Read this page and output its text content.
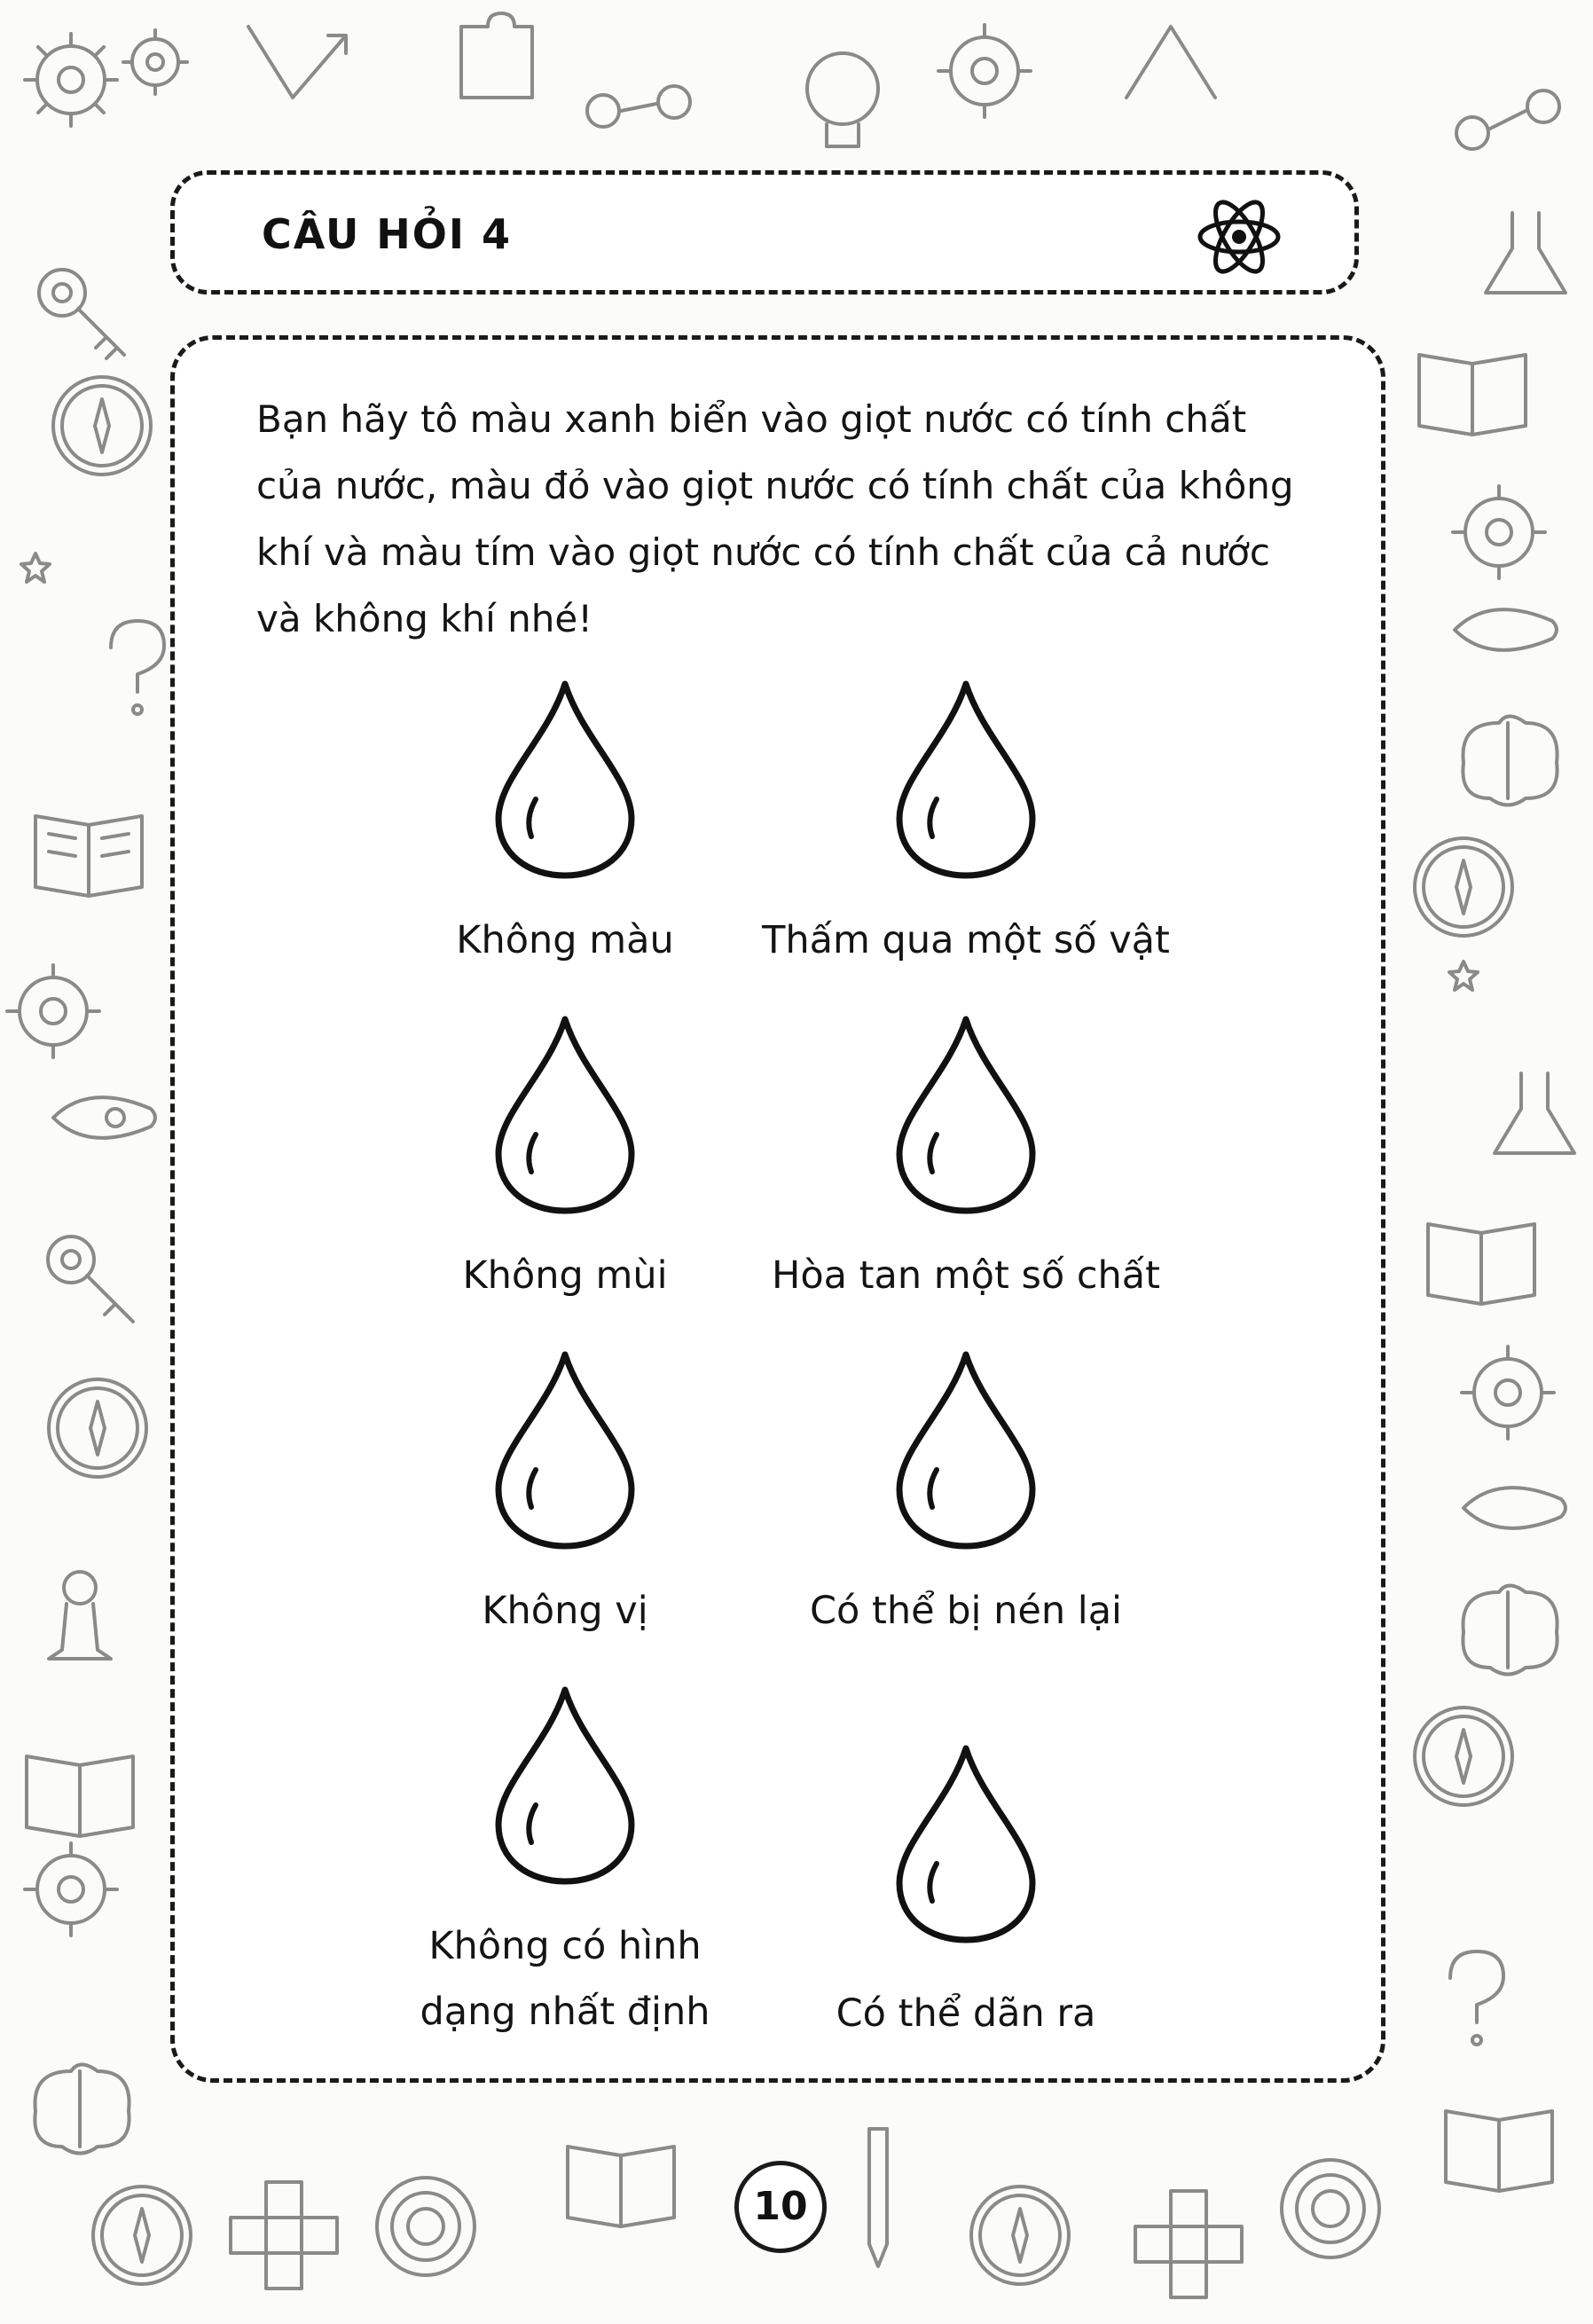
CÂU HỎI 4
Bạn hãy tô màu xanh biển vào giọt nước có tính chất của nước, màu đỏ vào giọt nước có tính chất của không khí và màu tím vào giọt nước có tính chất của cả nước và không khí nhé!
Không màu	Thấm qua một số vật
Không mùi	Hòa tan một số chất
Không vị	Có thể bị nén lại
Không có hình dạng nhất định	Có thể dãn ra
10
